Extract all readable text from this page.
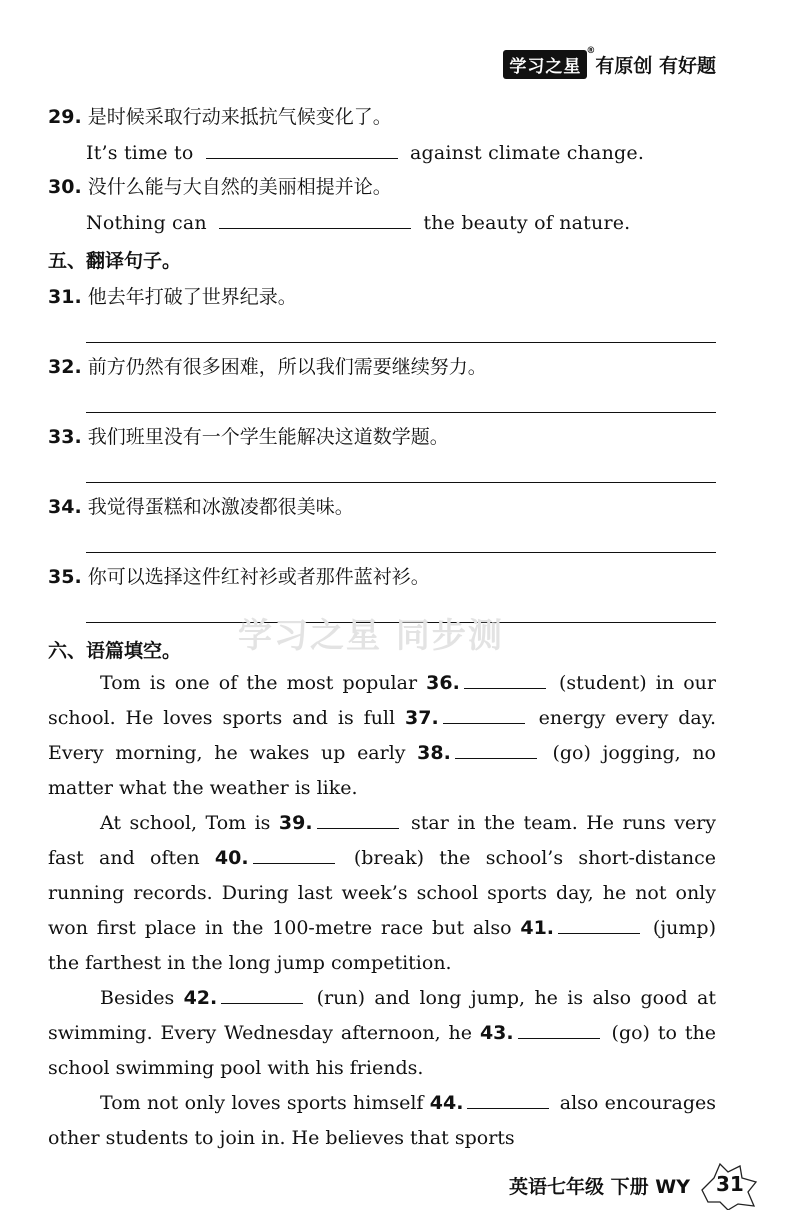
学习之星
®
有原创 有好题
29. 是时候采取行动来抵抗气候变化了。
It’s time to	against climate change.
30. 没什么能与大自然的美丽相提并论。
Nothing can	the beauty of nature.
五、翻译句子。
31. 他去年打破了世界纪录。
32. 前方仍然有很多困难，所以我们需要继续努力。
33. 我们班里没有一个学生能解决这道数学题。
34. 我觉得蛋糕和冰激凌都很美味。
35. 你可以选择这件红衬衫或者那件蓝衬衫。
学习之星 同步测
六、语篇填空。
Tom is one of the most popular 36.	(student) in our school. He loves sports and is full 37.	energy every day. Every morning, he wakes up early 38.	(go) jogging, no matter what the weather is like.
At school, Tom is 39.	star in the team. He runs very fast and often 40.	(break) the school’s short-distance running records. During last week’s school sports day, he not only won first place in the 100-metre race but also 41.	(jump) the farthest in the long jump competition.
Besides 42.	(run) and long jump, he is also good at swimming. Every Wednesday afternoon, he 43.	(go) to the school swimming pool with his friends.
Tom not only loves sports himself 44.	also encourages other students to join in. He believes that sports
英语七年级 下册 WY 31
